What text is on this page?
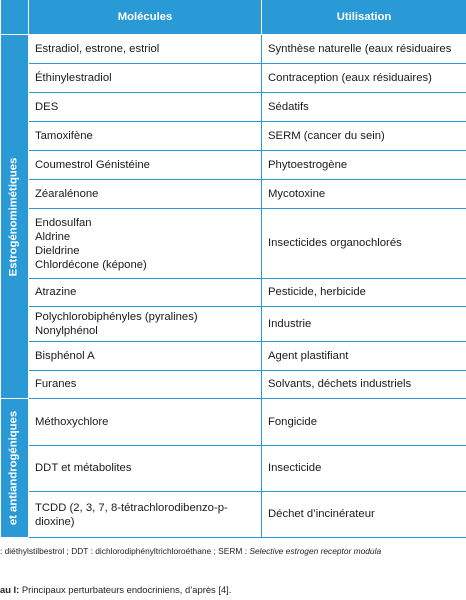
	Molécules	Utilisation

Estrogénomimétiques	Estradiol, estrone, estriol	Synthèse naturelle (eaux résiduaires
	Éthinylestradiol	Contraception (eaux résiduaires)
	DES	Sédatifs
	Tamoxifène	SERM (cancer du sein)
	Coumestrol Génistéine	Phytoestrogène
	Zéaralénone	Mycotoxine

	Endosulfan
Aldrine
Dieldrine
Chlordécone (képone)	Insecticides organochlorés
	Atrazine	Pesticide, herbicide

	Polychlorobiphényles (pyralines)
Nonylphénol	Industrie
	Bisphénol A	Agent plastifiant
	Furanes	Solvants, déchets industriels

et antiandrogéniques	Méthoxychlore	Fongicide
	DDT et métabolites	Insecticide

	TCDD (2, 3, 7, 8-tétrachlorodibenzo-p-
dioxine)	Déchet d’incinérateur
: diéthylstilbestrol ; DDT : dichlorodiphényltrichloroéthane ; SERM : Selective estrogen receptor modula
au I: Principaux perturbateurs endocriniens, d’après [4].
